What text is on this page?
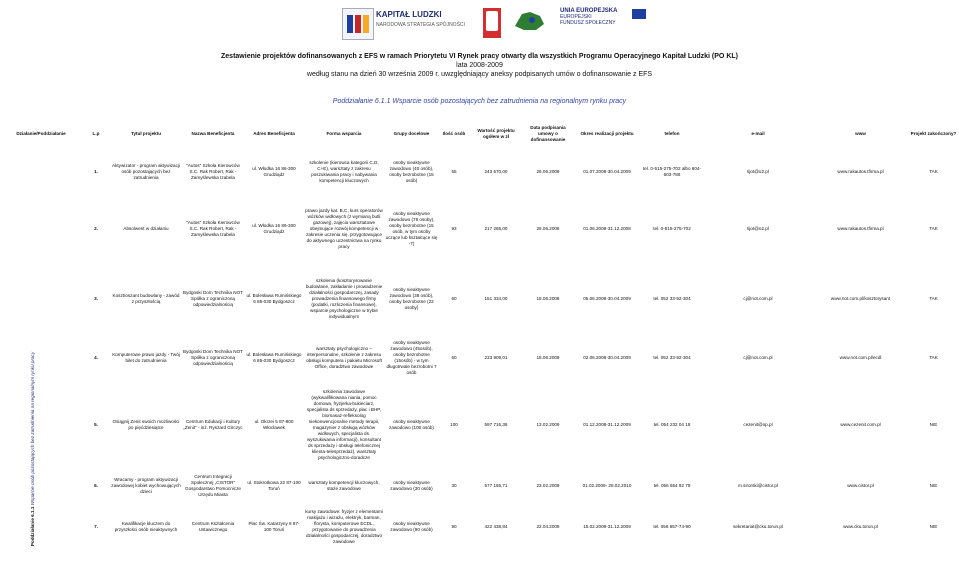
KAPITAŁ LUDZKI
NARODOWA STRATEGIA SPÓJNOŚCI
UNIA EUROPEJSKA
EUROPEJSKI
FUNDUSZ SPOŁECZNY
Zestawienie projektów dofinansowanych z EFS w ramach Priorytetu VI Rynek pracy otwarty dla wszystkich Programu Operacyjnego Kapitał Ludzki (PO KL)
lata 2008-2009
według stanu na dzień 30 września 2009 r. uwzględniający aneksy podpisanych umów o dofinansowanie z EFS
Poddziałanie 6.1.1 Wsparcie osób pozostających bez zatrudnienia na regionalnym rynku pracy
Działanie/Poddziałanie	L.p	Tytuł projektu	Nazwa Beneficjenta	Adres Beneficjenta	Forma wsparcia	Grupy docelowe	Ilość osób	Wartość projektu ogółem w zł	Data podpisania umowy o dofinansowanie	Okres realizacji projektu	telefon	e-mail	www	Projekt zakończony?
	1.	Aktywizator - program aktywizacji osób pozostających bez zatrudnienia	"Autos" Szkoła Kierowców S.C. Rak Robert, Rak - Zamyślewska Izabela	ul. Włodka 16 86-300 Grudziądz	szkolenie (kierowca kategorii C,D, C+E), warsztaty z zakresu poszukiwania pracy i nabywania kompetencji kluczowych	osoby nieaktywne zawodowo (40 osób), osoby bezrobotne (15 osób)	55	243 570,00	26.06.2009	01.07.2008-30.04.2009	tel. 0-515-275-702 albo 604-603-786	tijot@o2.pl	www.rakautos.tfirma.pl	TAK
	2.	Absolwent w działaniu	"Autos" Szkoła Kierowców S.C. Rak Robert, Rak - Zamyślewska Izabela	ul. Włodka 16 86-300 Grudziądz	prawo jazdy kat. B,C, kurs operatorów wózków widłowych (z wymianą butli gazowej), zajęcia warsztatowe obejmujące rozwój kompetencji w zakresie uczenia się, przygotowujące do aktywnego uczestnictwa na rynku pracy	osoby nieaktywne zawodowo (78 osoby), osoby bezrobotne (15 osób, w tym osoby uczące lub kształcące się -7)	93	217 265,00	26.06.2008	01.06.2008-31.12.2008	tel. 0-515-275-702	tijot@o2.pl	www.rakautos.tfirma.pl	TAK
	3.	Koszt/oszant budowlany - zawód z przyszłością	Bydgoski Dom Technika NOT Spółka z ograniczoną odpowiedzialnością	ul. Bolesława Rumińskiego 6 85-030 Bydgoszcz	szkolenia (kosztorysowanie budowlane, zakładanie i prowadzenie działalności gospodarczej, zasady prowadzenia finansowego firmy (podatki, rozliczenia finansowe), wsparcie psychologiczne w trybie indywidualnym	osoby nieaktywne zawodowo (38 osób), osoby bezrobotne (22 osoby)	60	151 334,00	18.06.2008	05.06.2008-30.04.2009	tel. 052 33-92-304	cj@not.com.pl	www.not.com.pl/kosztorysant	TAK
	4.	Komputerowe prawo jazdy - Twój bilet do zatrudnienia	Bydgoski Dom Technika NOT Spółka z ograniczoną odpowiedzialnością	ul. Bolesława Rumińskiego 6 85-030 Bydgoszcz	warsztaty psychologiczno – interpersonalne, szkolenie z zakresu obsługi komputera i pakietu Microsoft Office, doradztwo zawodowe	osoby nieaktywne zawodowo (45osób), osoby bezrobotne (15osób) - w tym długotrwale bezrobotni 7 osób	60	233 909,01	18.06.2009	02.06.2008-30.04.2009	tel. 052 33-92-304	cj@not.com.pl	www.not.com.pl/ecdl	TAK
	5.	Osiągnij Zenit swoich możliwości po pięćdziesiątce	Centrum Edukacji i Kultury „Zenit” - inż. Ryszard Girczyc	ul. Okrzei 5 87-800 Włocławek	szkolenia zawodowe (wykwalifikowana niania, pomoc domowa, fryzjerka-bukieciarz, specjalista ds sprzedaży, płac i BHP, biomasaż-refleksolog niekonwencjonalne metody terapii, magazynier z obsługą wózków widłowych, specjalista ds. wyszukiwania informacji), konsultant ds sprzedaży i obsługi telefonicznej klienta-telesprzedaż), warsztaty psychologiczno-doradcze	osoby nieaktywne zawodowo (100 osób)	100	597 716,36	13.02.2009	01.12.2008-31.12.2009	tel. 054 232 04 18	cezenit@op.pl	www.cezenit.com.pl	NIE
	6.	Wracamy - program aktywizacji zawodowej kobiet wychowujących dzieci	Centrum Integracji Społecznej „CISTOR” Gospodarstwo Pomocnicze Urzędu Miasta	ul. Stokrotkowa 22 87-100 Toruń	warsztaty kompetencji kluczowych, staże zawodowe	osoby nieaktywne zawodowo (30 osób)	30	577 165,71	23.02.2009	01.02.2009- 28.02.2010	tel. 056 654 92 79	m.sirorski@cistor.pl	www.cistor.pl	NIE
	7.	Kwalifikacje kluczem do przyszłości osób nieaktywnych	Centrum Kształcenia Ustawicznego	Plac Św. Katarzyny 8 87-100 Toruń	kursy zawodowe: fryzjer z elementami makijażu i wizażu, elektryk, barman, florysta, komputerowe ECDL, przygotowanie do prowadzenia działalności gospodarczej, doradztwo zawodowe	osoby nieaktywne zawodowo (90 osób)	90	422 438,84	22.04.2009	15.02.2009-31.12.2009	tel. 056 657-74-90	sekretariat@cku.torun.pl	www.cku.torun.pl	NIE
Poddziałanie 6.1.1 Wsparcie osób pozostających bez zatrudnienia na regionalnym rynku pracy
